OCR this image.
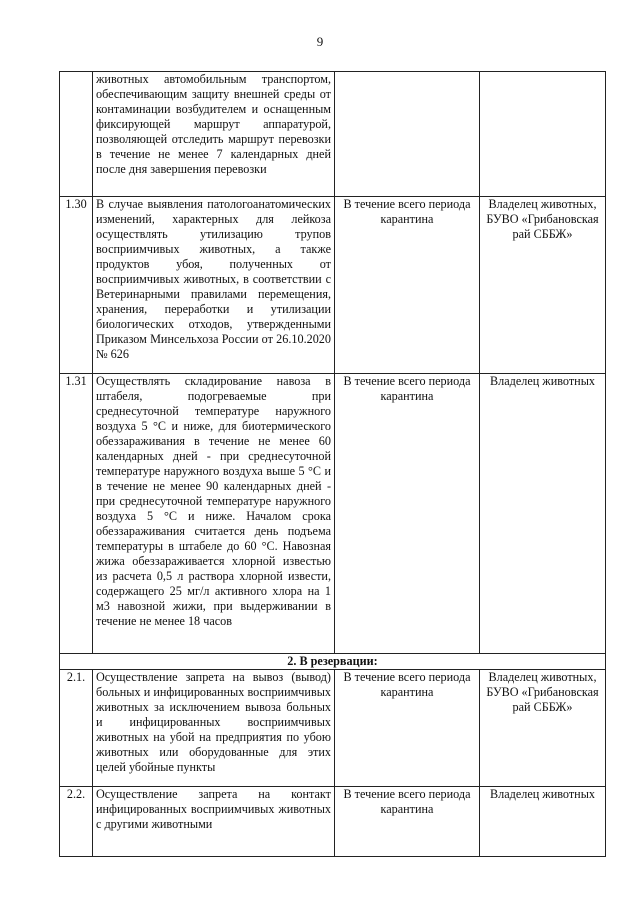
9
	животных автомобильным транспортом, обеспечивающим защиту внешней среды от контаминации возбудителем и оснащенным фиксирующей маршрут аппаратурой, позволяющей отследить маршрут перевозки в течение не менее 7 календарных дней после дня завершения перевозки		
1.30	В случае выявления патологоанатомических изменений, характерных для лейкоза осуществлять утилизацию трупов восприимчивых животных, а также продуктов убоя, полученных от восприимчивых животных, в соответствии с Ветеринарными правилами перемещения, хранения, переработки и утилизации биологических отходов, утвержденными Приказом Минсельхоза России от 26.10.2020 № 626	В течение всего периода карантина	Владелец животных, БУВО «Грибановская рай СББЖ»
1.31	Осуществлять складирование навоза в штабеля, подогреваемые при среднесуточной температуре наружного воздуха 5 °C и ниже, для биотермического обеззараживания в течение не менее 60 календарных дней - при среднесуточной температуре наружного воздуха выше 5 °C и в течение не менее 90 календарных дней - при среднесуточной температуре наружного воздуха 5 °C и ниже. Началом срока обеззараживания считается день подъема температуры в штабеле до 60 °C. Навозная жижа обеззараживается хлорной известью из расчета 0,5 л раствора хлорной извести, содержащего 25 мг/л активного хлора на 1 м3 навозной жижи, при выдерживании в течение не менее 18 часов	В течение всего периода карантина	Владелец животных
2. В резервации:			
2.1.	Осуществление запрета на вывоз (вывод) больных и инфицированных восприимчивых животных за исключением вывоза больных и инфицированных восприимчивых животных на убой на предприятия по убою животных или оборудованные для этих целей убойные пункты	В течение всего периода карантина	Владелец животных, БУВО «Грибановская рай СББЖ»
2.2.	Осуществление запрета на контакт инфицированных восприимчивых животных с другими животными	В течение всего периода карантина	Владелец животных
